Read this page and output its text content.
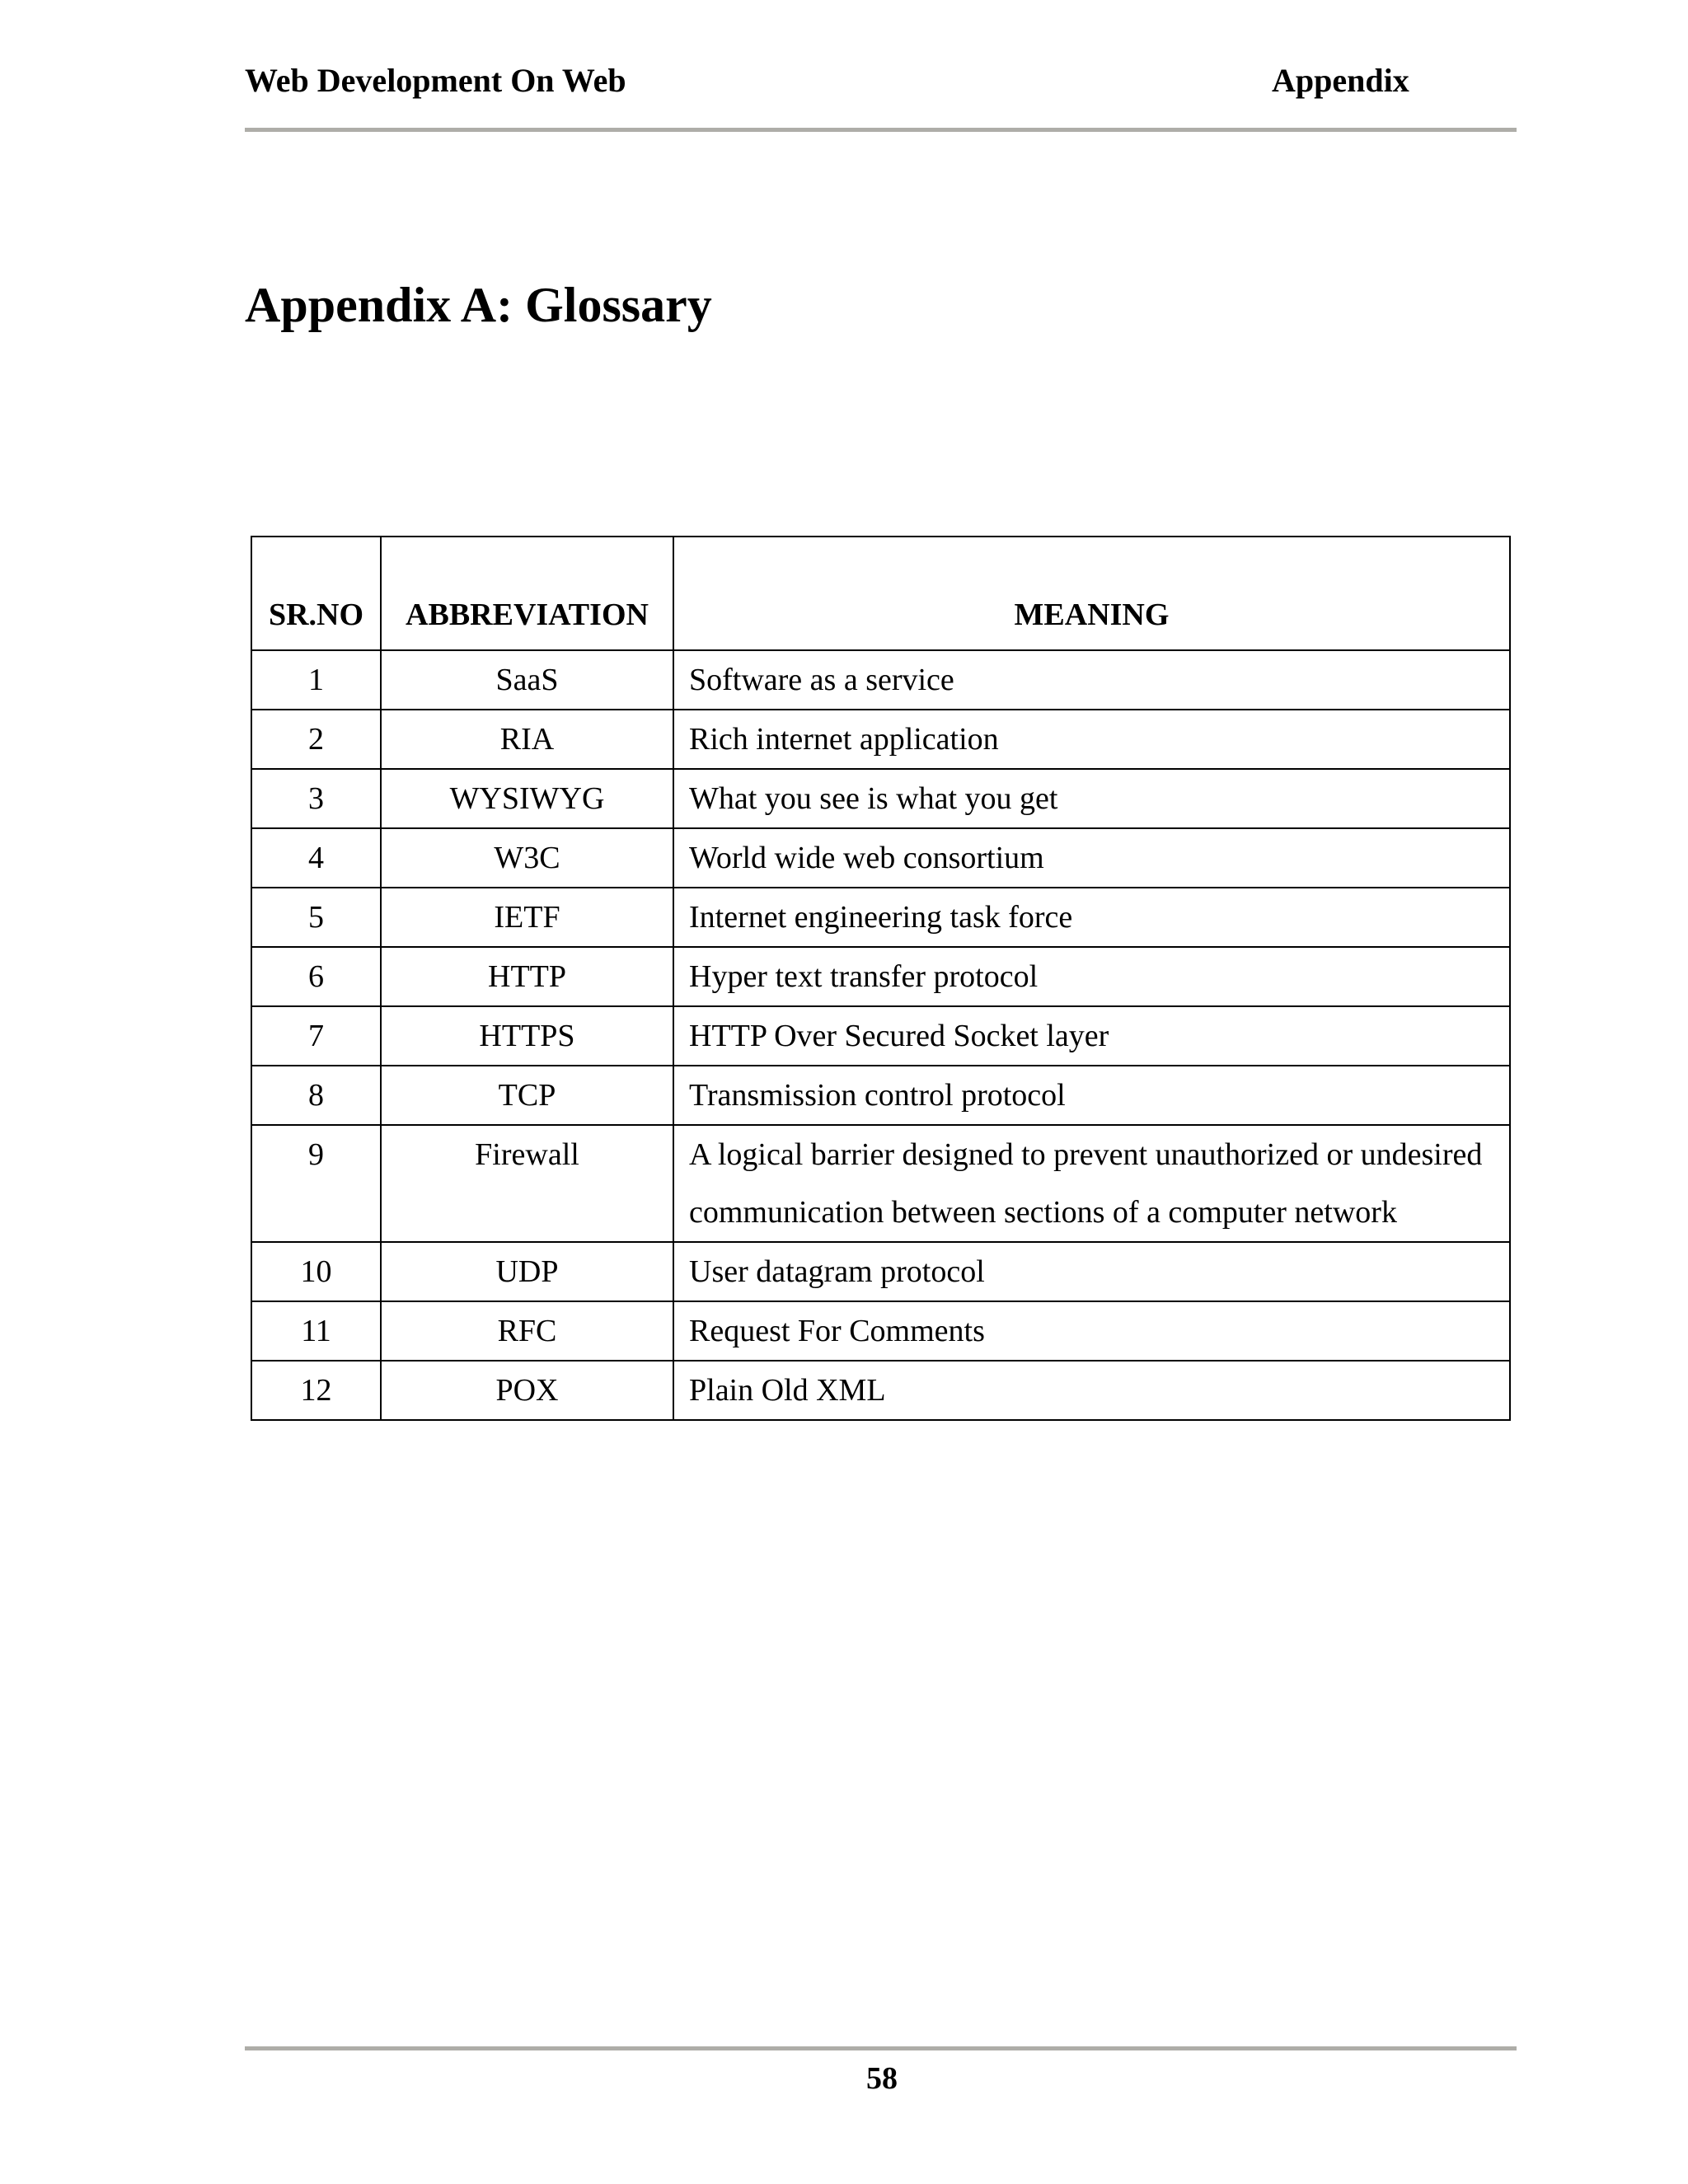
Web Development On Web	Appendix
Appendix A: Glossary
SR.NO	ABBREVIATION	MEANING
1	SaaS	Software as a service
2	RIA	Rich internet application
3	WYSIWYG	What you see is what you get
4	W3C	World wide web consortium
5	IETF	Internet engineering task force
6	HTTP	Hyper text transfer protocol
7	HTTPS	HTTP Over Secured Socket layer
8	TCP	Transmission control protocol
9	Firewall	A logical barrier designed to prevent unauthorized or undesired communication between sections of a computer network
10	UDP	User datagram protocol
11	RFC	Request For Comments
12	POX	Plain Old XML
58
